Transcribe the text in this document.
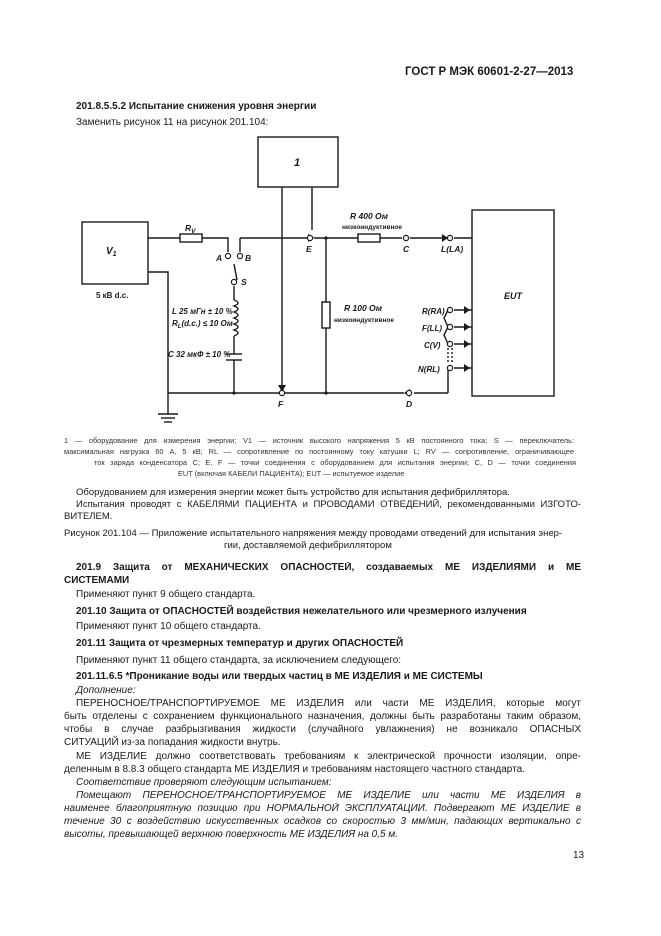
ГОСТ Р МЭК 60601-2-27—2013
201.8.5.5.2 Испытание снижения уровня энергии
Заменить рисунок 11 на рисунок 201.104:
1
$V_1$
5 кВ d.c.
$R_V$
A	B
S
E	C
D
F
L(LA)
R 400 Ом
низкоиндуктивное
R 100 Ом
низкоиндуктивное
L 25 мГн ± 10 %
$R_L(d.c.) \le 10$ Ом
C 32 мкФ ± 10 %
EUT
R(RA)
F(LL)
C(V)
N(RL)
1 — оборудование для измерения энергии; V1 — источник высокого напряжения 5 кВ постоянного тока; S — переключатель:
максимальная нагрузка 60 А, 5 кВ; RL — сопротивление по постоянному току катушки L; RV — сопротивление, ограничивающее
ток заряда конденсатора C; E, F — точки соединения с оборудованием для испытания энергии; C, D — точки соединения
EUT (включая КАБЕЛИ ПАЦИЕНТА); EUT — испытуемое изделие
Оборудованием для измерения энергии может быть устройство для испытания дефибриллятора.
Испытания проводят с КАБЕЛЯМИ ПАЦИЕНТА и ПРОВОДАМИ ОТВЕДЕНИЙ, рекомендованными ИЗГОТО-
ВИТЕЛЕМ.
Рисунок 201.104 — Приложение испытательного напряжения между проводами отведений для испытания энер-
гии, доставляемой дефибриллятором
201.9 Защита от МЕХАНИЧЕСКИХ ОПАСНОСТЕЙ, создаваемых МЕ ИЗДЕЛИЯМИ и МЕ
СИСТЕМАМИ
Применяют пункт 9 общего стандарта.
201.10 Защита от ОПАСНОСТЕЙ воздействия нежелательного или чрезмерного излучения
Применяют пункт 10 общего стандарта.
201.11 Защита от чрезмерных температур и других ОПАСНОСТЕЙ
Применяют пункт 11 общего стандарта, за исключением следующего:
201.11.6.5 *Проникание воды или твердых частиц в МЕ ИЗДЕЛИЯ и МЕ СИСТЕМЫ
Дополнение:
ПЕРЕНОСНОЕ/ТРАНСПОРТИРУЕМОЕ МЕ ИЗДЕЛИЯ или части МЕ ИЗДЕЛИЯ, которые могут
быть отделены с сохранением функционального назначения, должны быть разработаны таким образом,
чтобы в случае разбрызгивания жидкости (случайного увлажнения) не возникало ОПАСНЫХ
СИТУАЦИЙ из-за попадания жидкости внутрь.
МЕ ИЗДЕЛИЕ должно соответствовать требованиям к электрической прочности изоляции, опре-
деленным в 8.8.3 общего стандарта МЕ ИЗДЕЛИЯ и требованиям настоящего частного стандарта.
Соответствие проверяют следующим испытанием:
Помещают ПЕРЕНОСНОЕ/ТРАНСПОРТИРУЕМОЕ МЕ ИЗДЕЛИЕ или части МЕ ИЗДЕЛИЯ в
наименее благоприятную позицию при НОРМАЛЬНОЙ ЭКСПЛУАТАЦИИ. Подвергают МЕ ИЗДЕЛИЕ в
течение 30 с воздействию искусственных осадков со скоростью 3 мм/мин, падающих вертикально с
высоты, превышающей верхнюю поверхность МЕ ИЗДЕЛИЯ на 0,5 м.
13
